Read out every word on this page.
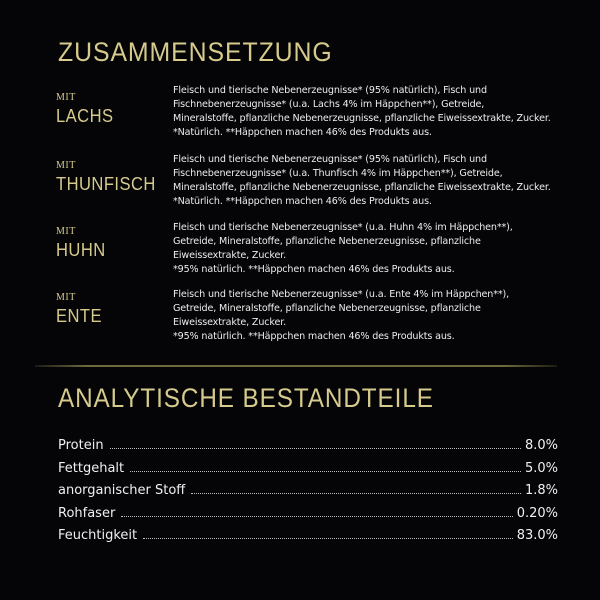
ZUSAMMENSETZUNG
MIT
LACHS
Fleisch und tierische Nebenerzeugnisse* (95% natürlich), Fisch und
Fischnebenerzeugnisse* (u.a. Lachs 4% im Häppchen**), Getreide,
Mineralstoffe, pflanzliche Nebenerzeugnisse, pflanzliche Eiweissextrakte, Zucker.
*Natürlich. **Häppchen machen 46% des Produkts aus.
MIT
THUNFISCH
Fleisch und tierische Nebenerzeugnisse* (95% natürlich), Fisch und
Fischnebenerzeugnisse* (u.a. Thunfisch 4% im Häppchen**), Getreide,
Mineralstoffe, pflanzliche Nebenerzeugnisse, pflanzliche Eiweissextrakte, Zucker.
*Natürlich. **Häppchen machen 46% des Produkts aus.
MIT
HUHN
Fleisch und tierische Nebenerzeugnisse* (u.a. Huhn 4% im Häppchen**),
Getreide, Mineralstoffe, pflanzliche Nebenerzeugnisse, pflanzliche
Eiweissextrakte, Zucker.
*95% natürlich. **Häppchen machen 46% des Produkts aus.
MIT
ENTE
Fleisch und tierische Nebenerzeugnisse* (u.a. Ente 4% im Häppchen**),
Getreide, Mineralstoffe, pflanzliche Nebenerzeugnisse, pflanzliche
Eiweissextrakte, Zucker.
*95% natürlich. **Häppchen machen 46% des Produkts aus.
ANALYTISCHE BESTANDTEILE
Protein	8.0%
Fettgehalt	5.0%
anorganischer Stoff	1.8%
Rohfaser	0.20%
Feuchtigkeit	83.0%
